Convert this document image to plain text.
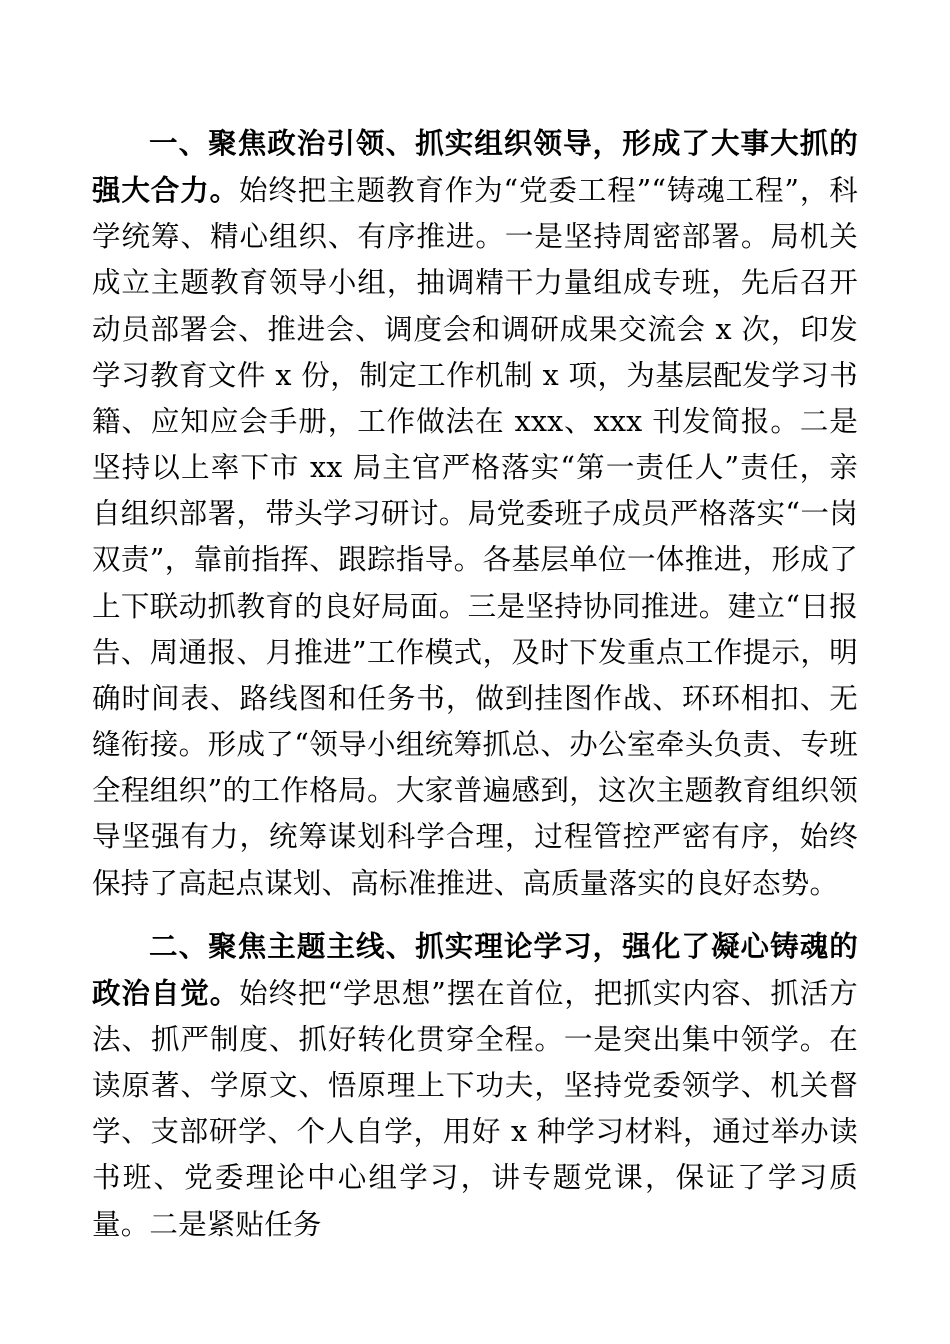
一、聚焦政治引领、抓实组织领导，形成了大事大抓的强大合力。始终把主题教育作为“党委工程”“铸魂工程”，科学统筹、精心组织、有序推进。一是坚持周密部署。局机关成立主题教育领导小组，抽调精干力量组成专班，先后召开动员部署会、推进会、调度会和调研成果交流会 x 次，印发学习教育文件 x 份，制定工作机制 x 项，为基层配发学习书籍、应知应会手册，工作做法在 xxx、xxx 刊发简报。二是坚持以上率下市 xx 局主官严格落实“第一责任人”责任，亲自组织部署，带头学习研讨。局党委班子成员严格落实“一岗双责”，靠前指挥、跟踪指导。各基层单位一体推进，形成了上下联动抓教育的良好局面。三是坚持协同推进。建立“日报告、周通报、月推进”工作模式，及时下发重点工作提示，明确时间表、路线图和任务书，做到挂图作战、环环相扣、无缝衔接。形成了“领导小组统筹抓总、办公室牵头负责、专班全程组织”的工作格局。大家普遍感到，这次主题教育组织领导坚强有力，统筹谋划科学合理，过程管控严密有序，始终保持了高起点谋划、高标准推进、高质量落实的良好态势。

二、聚焦主题主线、抓实理论学习，强化了凝心铸魂的政治自觉。始终把“学思想”摆在首位，把抓实内容、抓活方法、抓严制度、抓好转化贯穿全程。一是突出集中领学。在读原著、学原文、悟原理上下功夫，坚持党委领学、机关督学、支部研学、个人自学，用好 x 种学习材料，通过举办读书班、党委理论中心组学习，讲专题党课，保证了学习质量。二是紧贴任务
